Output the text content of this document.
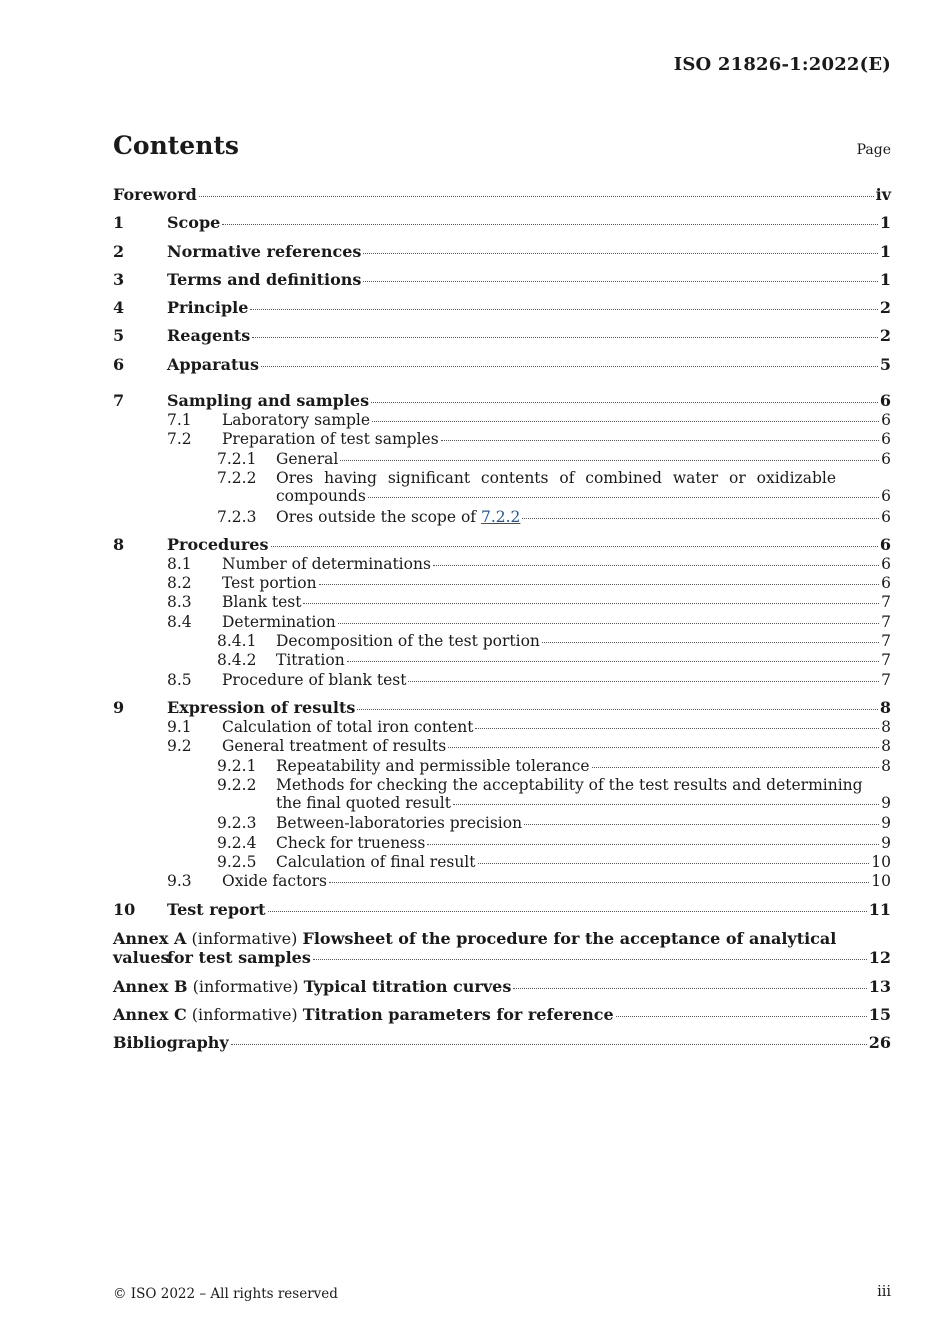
ISO 21826-1:2022(E)
Contents	Page
Foreword	iv
1	Scope	1
2	Normative references	1
3	Terms and definitions	1
4	Principle	2
5	Reagents	2
6	Apparatus	5
7	Sampling and samples	6
7.1	Laboratory sample	6
7.2	Preparation of test samples	6
7.2.1	General	6
7.2.2	Ores having significant contents of combined water or oxidizable
compounds	6
7.2.3	Ores outside the scope of 7.2.2	6
8	Procedures	6
8.1	Number of determinations	6
8.2	Test portion	6
8.3	Blank test	7
8.4	Determination	7
8.4.1	Decomposition of the test portion	7
8.4.2	Titration	7
8.5	Procedure of blank test	7
9	Expression of results	8
9.1	Calculation of total iron content	8
9.2	General treatment of results	8
9.2.1	Repeatability and permissible tolerance	8
9.2.2	Methods for checking the acceptability of the test results and determining
the final quoted result	9
9.2.3	Between-laboratories precision	9
9.2.4	Check for trueness	9
9.2.5	Calculation of final result	10
9.3	Oxide factors	10
10	Test report	11
Annex A (informative) Flowsheet of the procedure for the acceptance of analytical values
for test samples	12
Annex B (informative) Typical titration curves	13
Annex C (informative) Titration parameters for reference	15
Bibliography	26
© ISO 2022 – All rights reserved	iii
